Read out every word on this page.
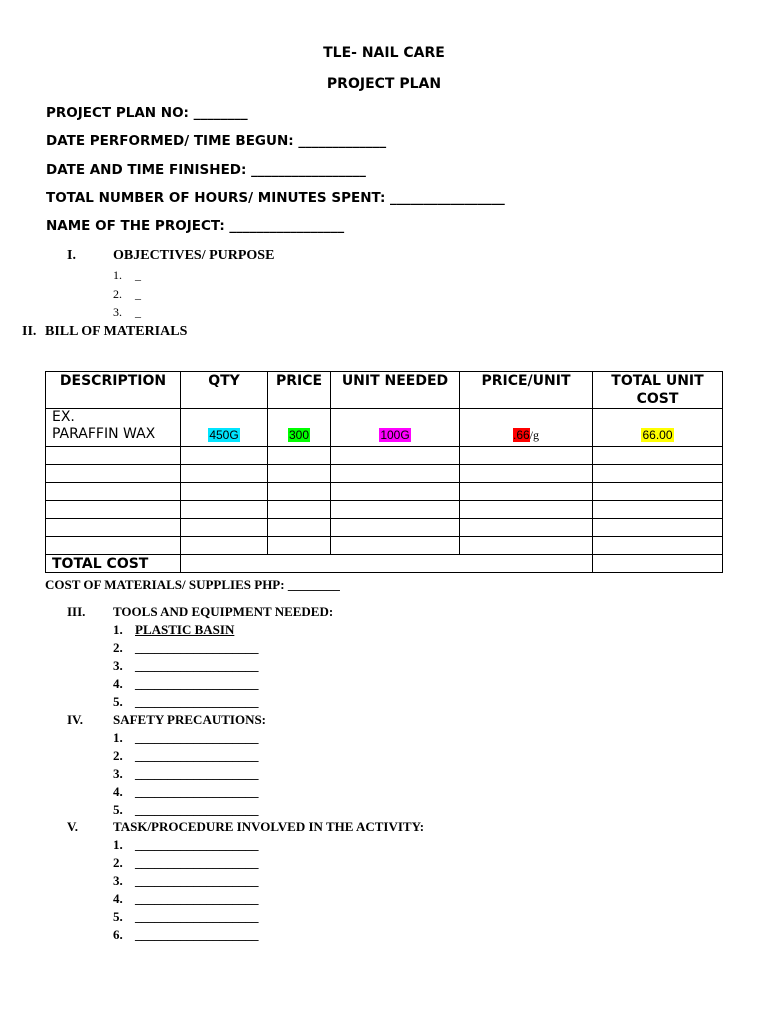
TLE- NAIL CARE
PROJECT PLAN
PROJECT PLAN NO: ________
DATE PERFORMED/ TIME BEGUN: _____________
DATE AND TIME FINISHED: _________________
TOTAL NUMBER OF HOURS/ MINUTES SPENT: _________________
NAME OF THE PROJECT: _________________
I.	OBJECTIVES/ PURPOSE
1. _
2. _
3. _
II. BILL OF MATERIALS
DESCRIPTION	QTY	PRICE	UNIT NEEDED	PRICE/UNIT	TOTAL UNIT COST

EX.
PARAFFIN WAX	450G	300	100G	.66/g	66.00

TOTAL COST					
COST OF MATERIALS/ SUPPLIES PHP: ________
III. TOOLS AND EQUIPMENT NEEDED:
1. PLASTIC BASIN
2. ___________________
3. ___________________
4. ___________________
5. ___________________
IV. SAFETY PRECAUTIONS:
1. ___________________
2. ___________________
3. ___________________
4. ___________________
5. ___________________
V.	TASK/PROCEDURE INVOLVED IN THE ACTIVITY:
1. ___________________
2. ___________________
3. ___________________
4. ___________________
5. ___________________
6. ___________________
